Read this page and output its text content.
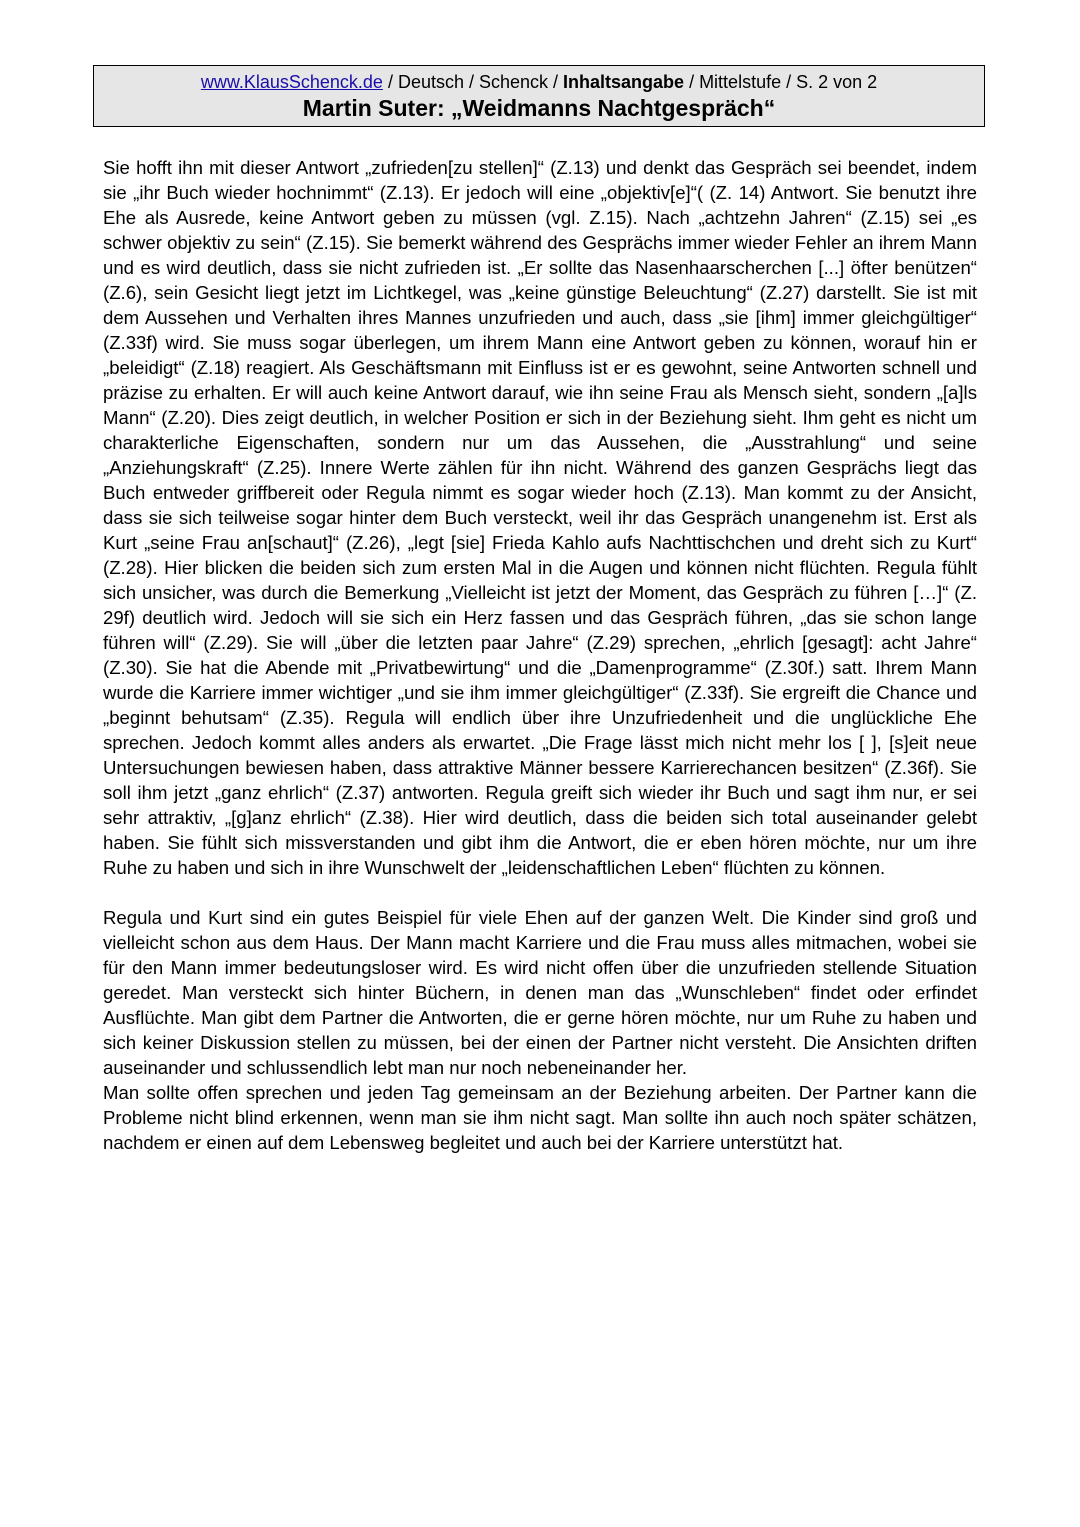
www.KlausSchenck.de / Deutsch / Schenck / Inhaltsangabe / Mittelstufe / S. 2 von 2
Martin Suter: „Weidmanns Nachtgespräch“

Sie hofft ihn mit dieser Antwort „zufrieden[zu stellen]“ (Z.13) und denkt das Gespräch sei beendet, indem sie „ihr Buch wieder hochnimmt“ (Z.13). Er jedoch will eine „objektiv[e]“( (Z. 14) Antwort. Sie benutzt ihre Ehe als Ausrede, keine Antwort geben zu müssen (vgl. Z.15). Nach „achtzehn Jahren“ (Z.15) sei „es schwer objektiv zu sein“ (Z.15). Sie bemerkt während des Gesprächs immer wieder Fehler an ihrem Mann und es wird deutlich, dass sie nicht zufrieden ist. „Er sollte das Nasenhaarscherchen [...] öfter benützen“ (Z.6), sein Gesicht liegt jetzt im Lichtkegel, was „keine günstige Beleuchtung“ (Z.27) darstellt. Sie ist mit dem Aussehen und Verhalten ihres Mannes unzufrieden und auch, dass „sie [ihm] immer gleichgültiger“ (Z.33f) wird. Sie muss sogar überlegen, um ihrem Mann eine Antwort geben zu können, worauf hin er „beleidigt“ (Z.18) reagiert. Als Geschäftsmann mit Einfluss ist er es gewohnt, seine Antworten schnell und präzise zu erhalten. Er will auch keine Antwort darauf, wie ihn seine Frau als Mensch sieht, sondern „[a]ls Mann“ (Z.20). Dies zeigt deutlich, in welcher Position er sich in der Beziehung sieht. Ihm geht es nicht um charakterliche Eigenschaften, sondern nur um das Aussehen, die „Ausstrahlung“ und seine „Anziehungskraft“ (Z.25). Innere Werte zählen für ihn nicht. Während des ganzen Gesprächs liegt das Buch entweder griffbereit oder Regula nimmt es sogar wieder hoch (Z.13). Man kommt zu der Ansicht, dass sie sich teilweise sogar hinter dem Buch versteckt, weil ihr das Gespräch unangenehm ist. Erst als Kurt „seine Frau an[schaut]“ (Z.26), „legt [sie] Frieda Kahlo aufs Nachttischchen und dreht sich zu Kurt“ (Z.28). Hier blicken die beiden sich zum ersten Mal in die Augen und können nicht flüchten. Regula fühlt sich unsicher, was durch die Bemerkung „Vielleicht ist jetzt der Moment, das Gespräch zu führen […]“ (Z. 29f) deutlich wird. Jedoch will sie sich ein Herz fassen und das Gespräch führen, „das sie schon lange führen will“ (Z.29). Sie will „über die letzten paar Jahre“ (Z.29) sprechen, „ehrlich [gesagt]: acht Jahre“ (Z.30). Sie hat die Abende mit „Privatbewirtung“ und die „Damenprogramme“ (Z.30f.) satt. Ihrem Mann wurde die Karriere immer wichtiger „und sie ihm immer gleichgültiger“ (Z.33f). Sie ergreift die Chance und „beginnt behutsam“ (Z.35). Regula will endlich über ihre Unzufriedenheit und die unglückliche Ehe sprechen. Jedoch kommt alles anders als erwartet. „Die Frage lässt mich nicht mehr los [ ], [s]eit neue Untersuchungen bewiesen haben, dass attraktive Männer bessere Karrierechancen besitzen“ (Z.36f). Sie soll ihm jetzt „ganz ehrlich“ (Z.37) antworten. Regula greift sich wieder ihr Buch und sagt ihm nur, er sei sehr attraktiv, „[g]anz ehrlich“ (Z.38). Hier wird deutlich, dass die beiden sich total auseinander gelebt haben. Sie fühlt sich missverstanden und gibt ihm die Antwort, die er eben hören möchte, nur um ihre Ruhe zu haben und sich in ihre Wunschwelt der „leidenschaftlichen Leben“ flüchten zu können.

Regula und Kurt sind ein gutes Beispiel für viele Ehen auf der ganzen Welt. Die Kinder sind groß und vielleicht schon aus dem Haus. Der Mann macht Karriere und die Frau muss alles mitmachen, wobei sie für den Mann immer bedeutungsloser wird. Es wird nicht offen über die unzufrieden stellende Situation geredet. Man versteckt sich hinter Büchern, in denen man das „Wunschleben“ findet oder erfindet Ausflüchte. Man gibt dem Partner die Antworten, die er gerne hören möchte, nur um Ruhe zu haben und sich keiner Diskussion stellen zu müssen, bei der einen der Partner nicht versteht. Die Ansichten driften auseinander und schlussendlich lebt man nur noch nebeneinander her.

Man sollte offen sprechen und jeden Tag gemeinsam an der Beziehung arbeiten. Der Partner kann die Probleme nicht blind erkennen, wenn man sie ihm nicht sagt. Man sollte ihn auch noch später schätzen, nachdem er einen auf dem Lebensweg begleitet und auch bei der Karriere unterstützt hat.
